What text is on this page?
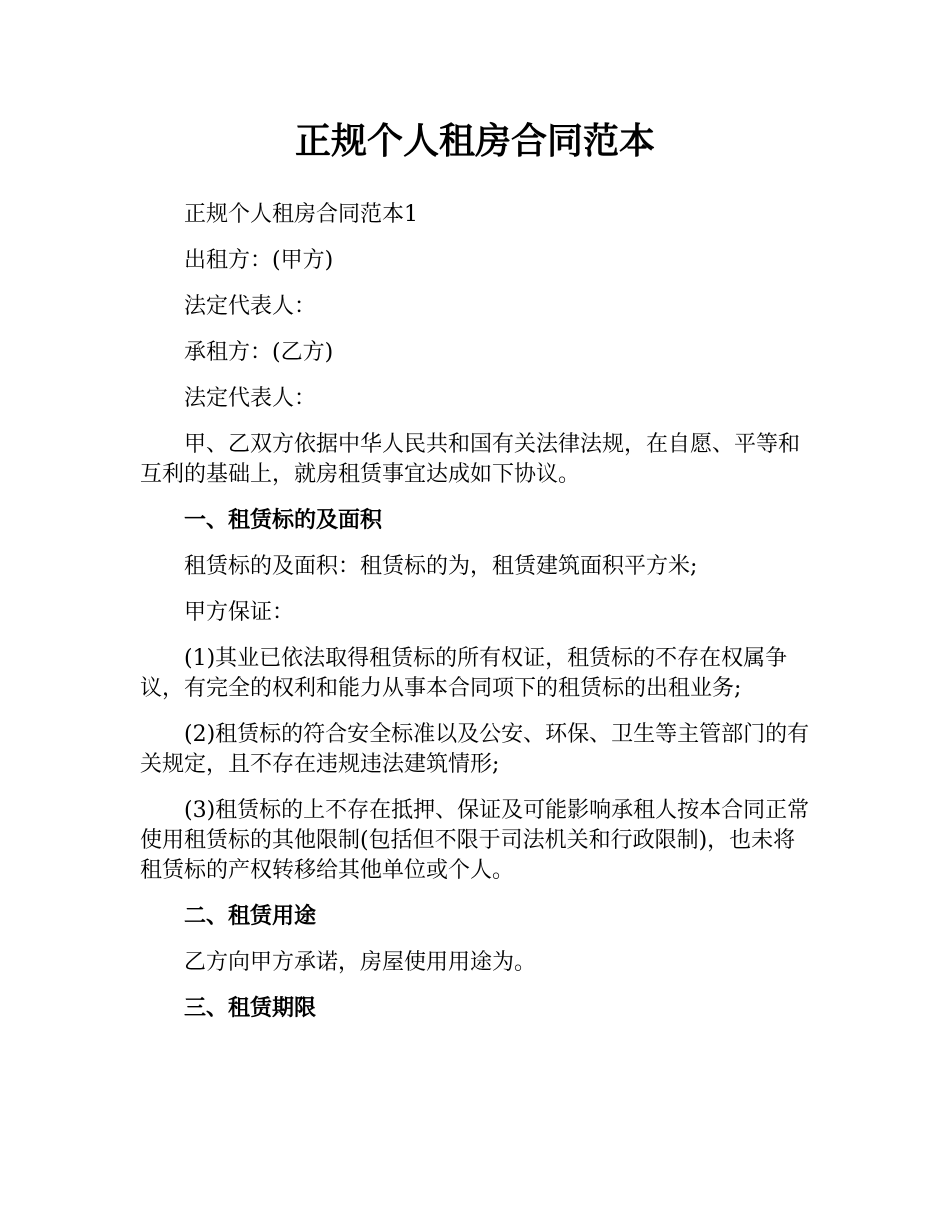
正规个人租房合同范本

正规个人租房合同范本1

出租方：(甲方)

法定代表人：

承租方：(乙方)

法定代表人：

甲、乙双方依据中华人民共和国有关法律法规，在自愿、平等和互利的基础上，就房租赁事宜达成如下协议。

一、租赁标的及面积

租赁标的及面积：租赁标的为，租赁建筑面积平方米;

甲方保证：

(1)其业已依法取得租赁标的所有权证，租赁标的不存在权属争议，有完全的权利和能力从事本合同项下的租赁标的出租业务;

(2)租赁标的符合安全标准以及公安、环保、卫生等主管部门的有关规定，且不存在违规违法建筑情形;

(3)租赁标的上不存在抵押、保证及可能影响承租人按本合同正常使用租赁标的其他限制(包括但不限于司法机关和行政限制)，也未将租赁标的产权转移给其他单位或个人。

二、租赁用途

乙方向甲方承诺，房屋使用用途为。

三、租赁期限
